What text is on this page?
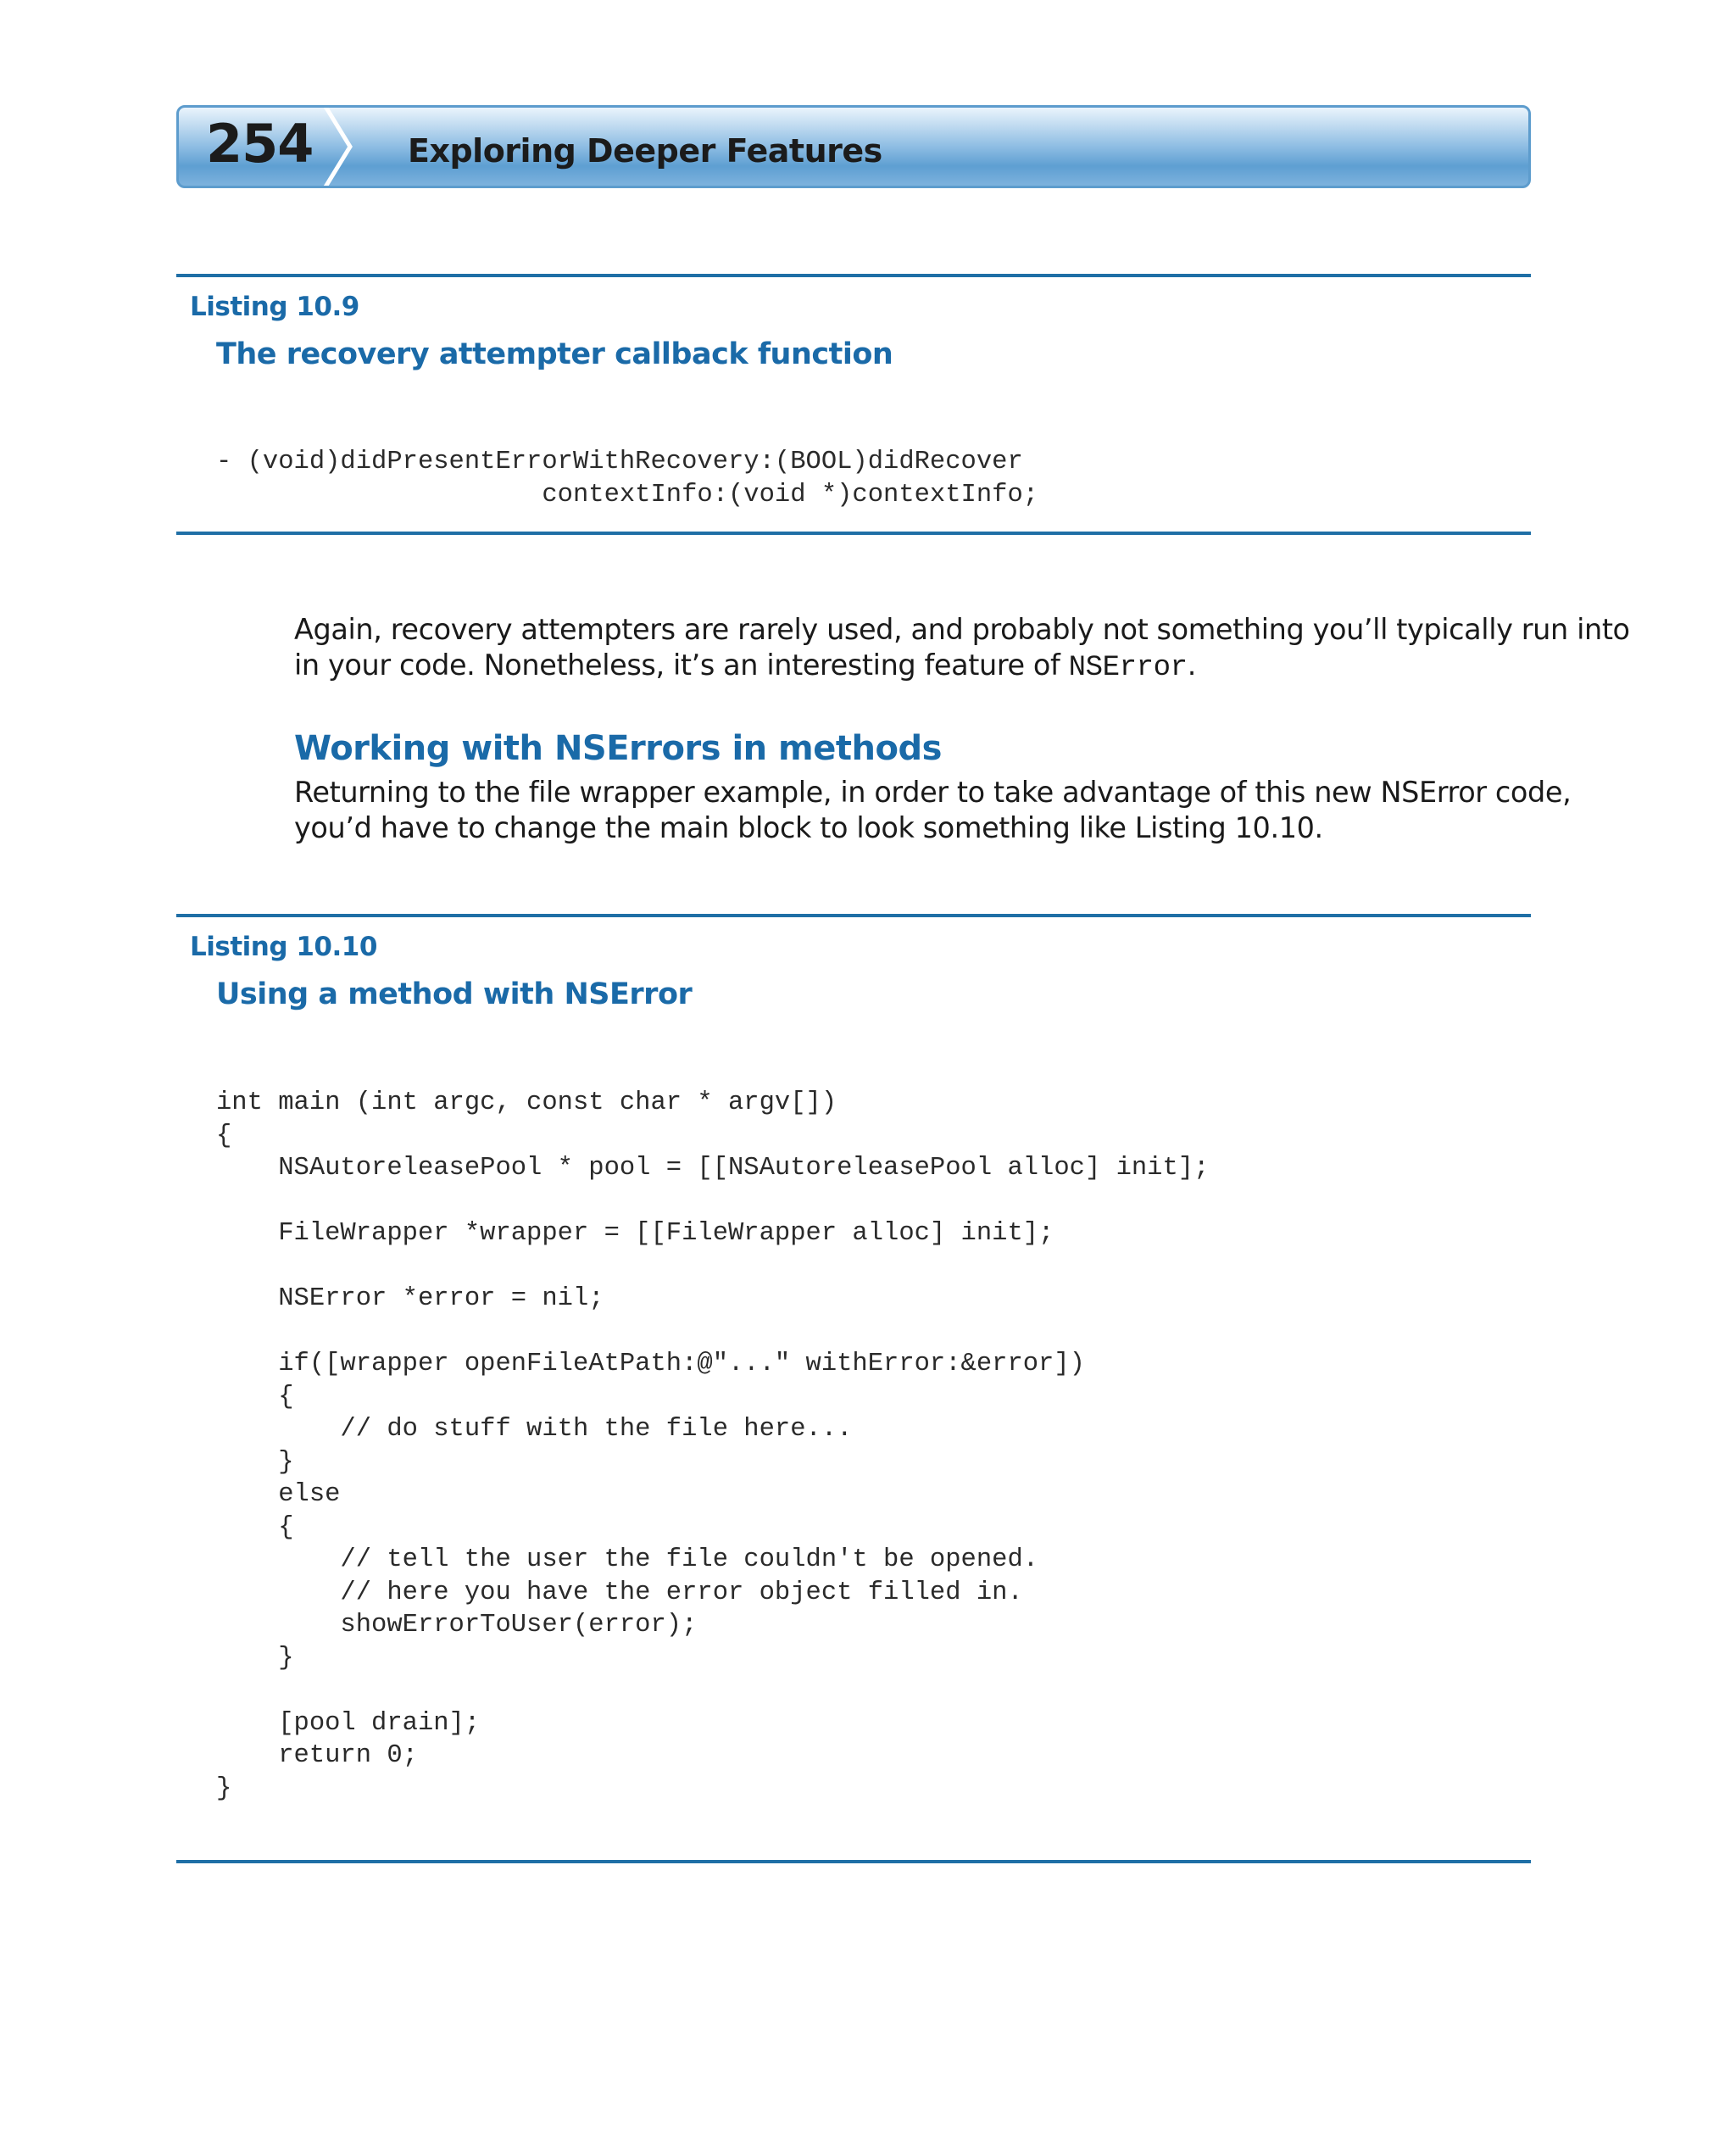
254	Exploring Deeper Features
Listing 10.9
The recovery attempter callback function
- (void)didPresentErrorWithRecovery:(BOOL)didRecover
contextInfo:(void *)contextInfo;

Again, recovery attempters are rarely used, and probably not something you’ll typically run into
in your code. Nonetheless, it’s an interesting feature of NSError.

Working with NSErrors in methods

Returning to the file wrapper example, in order to take advantage of this new NSError code,
you’d have to change the main block to look something like Listing 10.10.

Listing 10.10
Using a method with NSError
int main (int argc, const char * argv[])
{
NSAutoreleasePool * pool = [[NSAutoreleasePool alloc] init];
FileWrapper *wrapper = [[FileWrapper alloc] init];
NSError *error = nil;
if([wrapper openFileAtPath:@"..." withError:&error])
{
// do stuff with the file here...
}
else
{
// tell the user the file couldn't be opened.
// here you have the error object filled in.
showErrorToUser(error);
}
[pool drain];
return 0;
}
